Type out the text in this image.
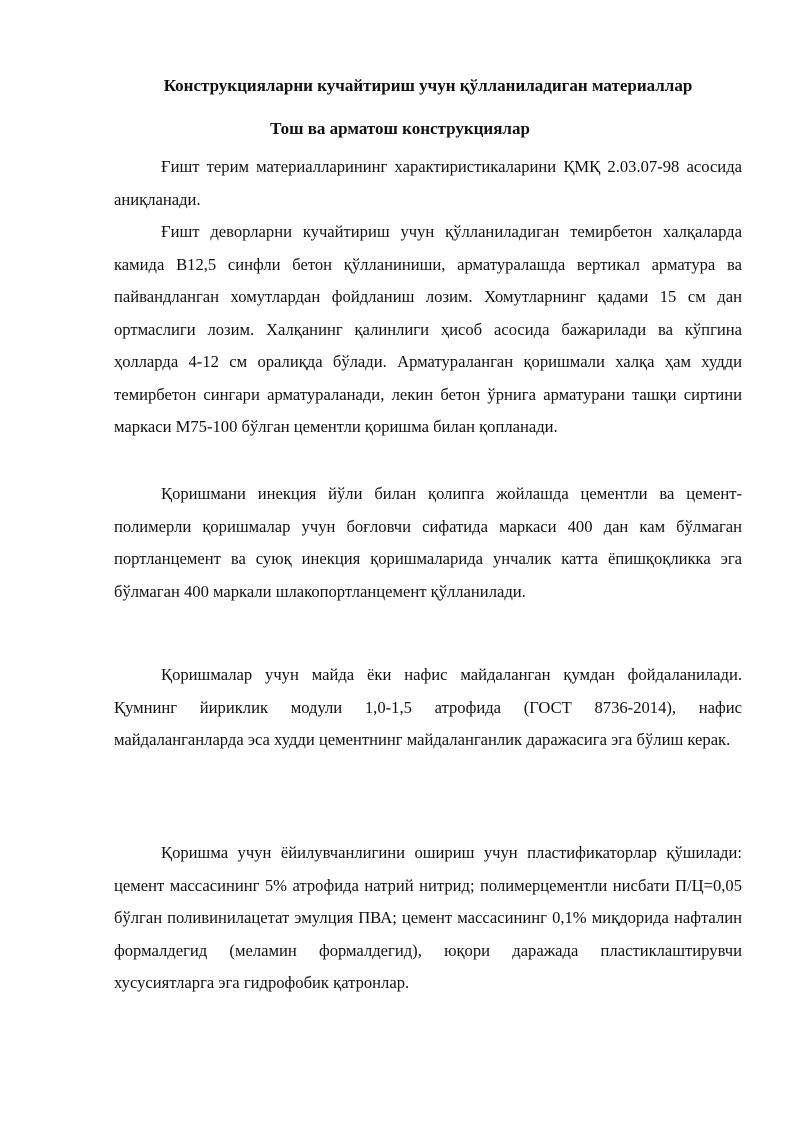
Конструкцияларни кучайтириш учун қўлланиладиган материаллар
Тош ва арматош конструкциялар

Ғишт терим материалларининг характиристикаларини ҚМҚ 2.03.07-98 асосида аниқланади.

Ғишт деворларни кучайтириш учун қўлланиладиган темирбетон халқаларда камида В12,5 синфли бетон қўлланиниши, арматуралашда вертикал арматура ва пайвандланган хомутлардан фойдланиш лозим. Хомутларнинг қадами 15 см дан ортмаслиги лозим. Халқанинг қалинлиги ҳисоб асосида бажарилади ва кўпгина ҳолларда 4-12 см оралиқда бўлади. Арматураланган қоришмали халқа ҳам худди темирбетон сингари арматураланади, лекин бетон ўрнига арматурани ташқи сиртини маркаси М75-100 бўлган цементли қоришма билан қопланади.

Қоришмани инекция йўли билан қолипга жойлашда цементли ва цемент-полимерли қоришмалар учун боғловчи сифатида маркаси 400 дан кам бўлмаган портланцемент ва суюқ инекция қоришмаларида унчалик катта ёпишқоқликка эга бўлмаган 400 маркали шлакопортланцемент қўлланилади.

Қоришмалар учун майда ёки нафис майдаланган қумдан фойдаланилади. Қумнинг йириклик модули 1,0-1,5 атрофида (ГОСТ 8736-2014), нафис майдаланганларда эса худди цементнинг майдаланганлик даражасига эга бўлиш керак.

Қоришма учун ёйилувчанлигини ошириш учун пластификаторлар қўшилади: цемент массасининг 5% атрофида натрий нитрид; полимерцементли нисбати П/Ц=0,05 бўлган поливинилацетат эмулция ПВА; цемент массасининг 0,1% миқдорида нафталин формалдегид (меламин формалдегид), юқори даражада пластиклаштирувчи хусусиятларга эга гидрофобик қатронлар.
